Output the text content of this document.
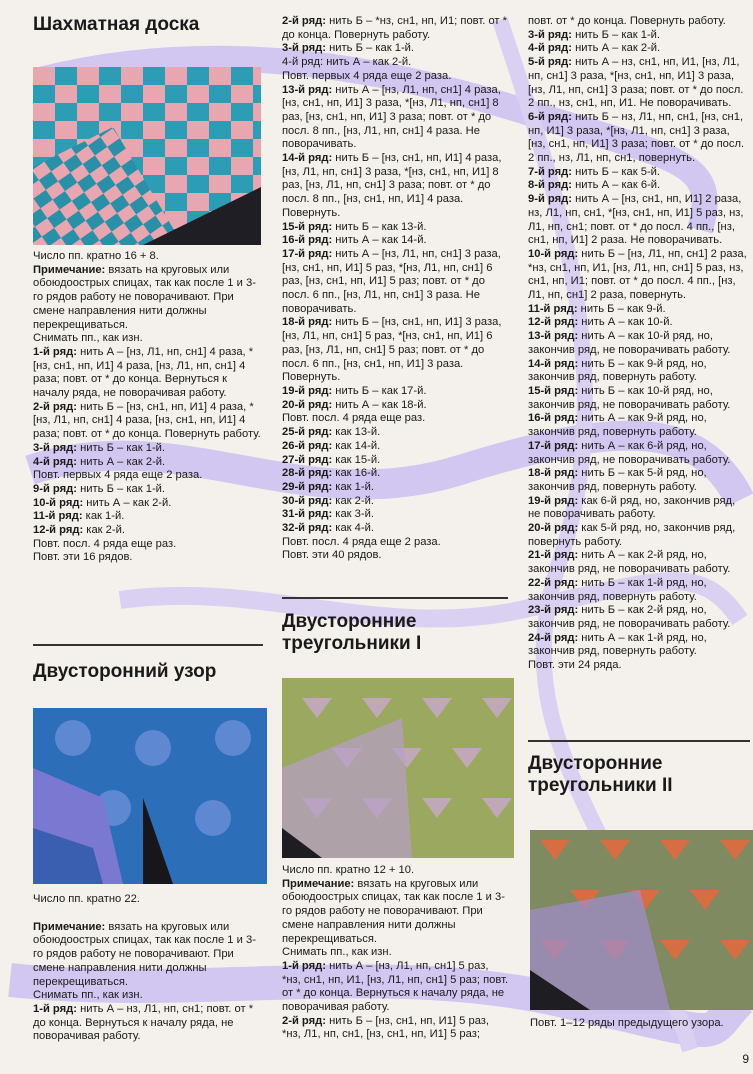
Шахматная доска

Число пп. кратно 16 + 8.

Примечание: вязать на круговых или обоюдоострых спицах, так как после 1 и 3-го рядов работу не поворачивают. При смене направления нити должны перекрещиваться.

Снимать пп., как изн.

1-й ряд: нить А – [нз, Л1, нп, сн1] 4 раза, *[нз, сн1, нп, И1] 4 раза, [нз, Л1, нп, сн1] 4 раза; повт. от * до конца. Вернуться к началу ряда, не поворачивая работу.

2-й ряд: нить Б – [нз, сн1, нп, И1] 4 раза, *[нз, Л1, нп, сн1] 4 раза, [нз, сн1, нп, И1] 4 раза; повт. от * до конца. Повернуть работу.

3-й ряд: нить Б – как 1-й.

4-й ряд: нить А – как 2-й.

Повт. первых 4 ряда еще 2 раза.

9-й ряд: нить Б – как 1-й.

10-й ряд: нить А – как 2-й.

11-й ряд: как 1-й.

12-й ряд: как 2-й.

Повт. посл. 4 ряда еще раз.

Повт. эти 16 рядов.

Двусторонний узор

Число пп. кратно 22.

Примечание: вязать на круговых или обоюдоострых спицах, так как после 1 и 3-го рядов работу не поворачивают. При смене направления нити должны перекрещиваться.

Снимать пп., как изн.

1-й ряд: нить А – нз, Л1, нп, сн1; повт. от * до конца. Вернуться к началу ряда, не поворачивая работу.

2-й ряд: нить Б – *нз, сн1, нп, И1; повт. от * до конца. Повернуть работу.

3-й ряд: нить Б – как 1-й.

4-й ряд: нить А – как 2-й.

Повт. первых 4 ряда еще 2 раза.

13-й ряд: нить А – [нз, Л1, нп, сн1] 4 раза, [нз, сн1, нп, И1] 3 раза, *[нз, Л1, нп, сн1] 8 раз, [нз, сн1, нп, И1] 3 раза; повт. от * до посл. 8 пп., [нз, Л1, нп, сн1] 4 раза. Не поворачивать.

14-й ряд: нить Б – [нз, сн1, нп, И1] 4 раза, [нз, Л1, нп, сн1] 3 раза, *[нз, сн1, нп, И1] 8 раз, [нз, Л1, нп, сн1] 3 раза; повт. от * до посл. 8 пп., [нз, сн1, нп, И1] 4 раза. Повернуть.

15-й ряд: нить Б – как 13-й.

16-й ряд: нить А – как 14-й.

17-й ряд: нить А – [нз, Л1, нп, сн1] 3 раза, [нз, сн1, нп, И1] 5 раз, *[нз, Л1, нп, сн1] 6 раз, [нз, сн1, нп, И1] 5 раз; повт. от * до посл. 6 пп., [нз, Л1, нп, сн1] 3 раза. Не поворачивать.

18-й ряд: нить Б – [нз, сн1, нп, И1] 3 раза, [нз, Л1, нп, сн1] 5 раз, *[нз, сн1, нп, И1] 6 раз, [нз, Л1, нп, сн1] 5 раз; повт. от * до посл. 6 пп., [нз, сн1, нп, И1] 3 раза. Повернуть.

19-й ряд: нить Б – как 17-й.

20-й ряд: нить А – как 18-й.

Повт. посл. 4 ряда еще раз.

25-й ряд: как 13-й.

26-й ряд: как 14-й.

27-й ряд: как 15-й.

28-й ряд: как 16-й.

29-й ряд: как 1-й.

30-й ряд: как 2-й.

31-й ряд: как 3-й.

32-й ряд: как 4-й.

Повт. посл. 4 ряда еще 2 раза.

Повт. эти 40 рядов.

Двусторонние
треугольники I

Число пп. кратно 12 + 10.

Примечание: вязать на круговых или обоюдоострых спицах, так как после 1 и 3-го рядов работу не поворачивают. При смене направления нити должны перекрещиваться.

Снимать пп., как изн.

1-й ряд: нить А – [нз, Л1, нп, сн1] 5 раз, *нз, сн1, нп, И1, [нз, Л1, нп, сн1] 5 раз; повт. от * до конца. Вернуться к началу ряда, не поворачивая работу.

2-й ряд: нить Б – [нз, сн1, нп, И1] 5 раз, *нз, Л1, нп, сн1, [нз, сн1, нп, И1] 5 раз;

повт. от * до конца. Повернуть работу.

3-й ряд: нить Б – как 1-й.

4-й ряд: нить А – как 2-й.

5-й ряд: нить А – нз, сн1, нп, И1, [нз, Л1, нп, сн1] 3 раза, *[нз, сн1, нп, И1] 3 раза, [нз, Л1, нп, сн1] 3 раза; повт. от * до посл. 2 пп., нз, сн1, нп, И1. Не поворачивать.

6-й ряд: нить Б – нз, Л1, нп, сн1, [нз, сн1, нп, И1] 3 раза, *[нз, Л1, нп, сн1] 3 раза, [нз, сн1, нп, И1] 3 раза; повт. от * до посл. 2 пп., нз, Л1, нп, сн1, повернуть.

7-й ряд: нить Б – как 5-й.

8-й ряд: нить А – как 6-й.

9-й ряд: нить А – [нз, сн1, нп, И1] 2 раза, нз, Л1, нп, сн1, *[нз, сн1, нп, И1] 5 раз, нз, Л1, нп, сн1; повт. от * до посл. 4 пп., [нз, сн1, нп, И1] 2 раза. Не поворачивать.

10-й ряд: нить Б – [нз, Л1, нп, сн1] 2 раза, *нз, сн1, нп, И1, [нз, Л1, нп, сн1] 5 раз, нз, сн1, нп, И1; повт. от * до посл. 4 пп., [нз, Л1, нп, сн1] 2 раза, повернуть.

11-й ряд: нить Б – как 9-й.

12-й ряд: нить А – как 10-й.

13-й ряд: нить А – как 10-й ряд, но, закончив ряд, не поворачивать работу.

14-й ряд: нить Б – как 9-й ряд, но, закончив ряд, повернуть работу.

15-й ряд: нить Б – как 10-й ряд, но, закончив ряд, не поворачивать работу.

16-й ряд: нить А – как 9-й ряд, но, закончив ряд, повернуть работу.

17-й ряд: нить А – как 6-й ряд, но, закончив ряд, не поворачивать работу.

18-й ряд: нить Б – как 5-й ряд, но, закончив ряд, повернуть работу.

19-й ряд: как 6-й ряд, но, закончив ряд, не поворачивать работу.

20-й ряд: как 5-й ряд, но, закончив ряд, повернуть работу.

21-й ряд: нить А – как 2-й ряд, но, закончив ряд, не поворачивать работу.

22-й ряд: нить Б – как 1-й ряд, но, закончив ряд, повернуть работу.

23-й ряд: нить Б – как 2-й ряд, но, закончив ряд, не поворачивать работу.

24-й ряд: нить А – как 1-й ряд, но, закончив ряд, повернуть работу.

Повт. эти 24 ряда.

Двусторонние
треугольники II
Повт. 1–12 ряды предыдущего узора.
9
